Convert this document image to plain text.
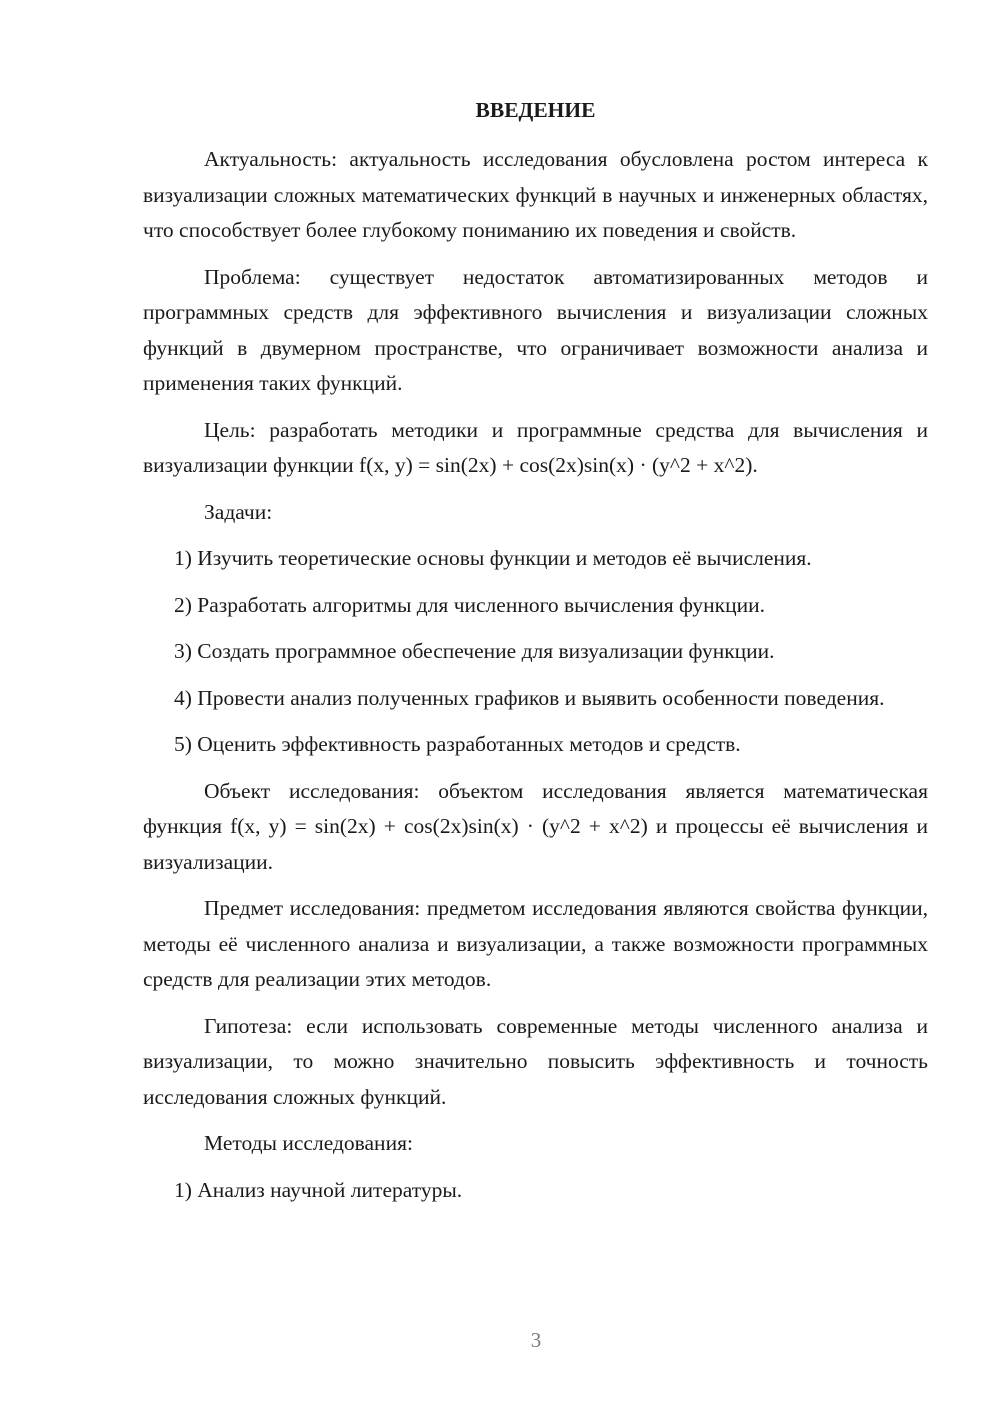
ВВЕДЕНИЕ

Актуальность: актуальность исследования обусловлена ростом интереса к визуализации сложных математических функций в научных и инженерных областях, что способствует более глубокому пониманию их поведения и свойств.

Проблема: существует недостаток автоматизированных методов и программных средств для эффективного вычисления и визуализации сложных функций в двумерном пространстве, что ограничивает возможности анализа и применения таких функций.

Цель: разработать методики и программные средства для вычисления и визуализации функции f(x, y) = sin(2x) + cos(2x)sin(x) · (y^2 + x^2).

Задачи:

1) Изучить теоретические основы функции и методов её вычисления.

2) Разработать алгоритмы для численного вычисления функции.

3) Создать программное обеспечение для визуализации функции.

4) Провести анализ полученных графиков и выявить особенности поведения.

5) Оценить эффективность разработанных методов и средств.

Объект исследования: объектом исследования является математическая функция f(x, y) = sin(2x) + cos(2x)sin(x) · (y^2 + x^2) и процессы её вычисления и визуализации.

Предмет исследования: предметом исследования являются свойства функции, методы её численного анализа и визуализации, а также возможности программных средств для реализации этих методов.

Гипотеза: если использовать современные методы численного анализа и визуализации, то можно значительно повысить эффективность и точность исследования сложных функций.

Методы исследования:

1) Анализ научной литературы.

3
